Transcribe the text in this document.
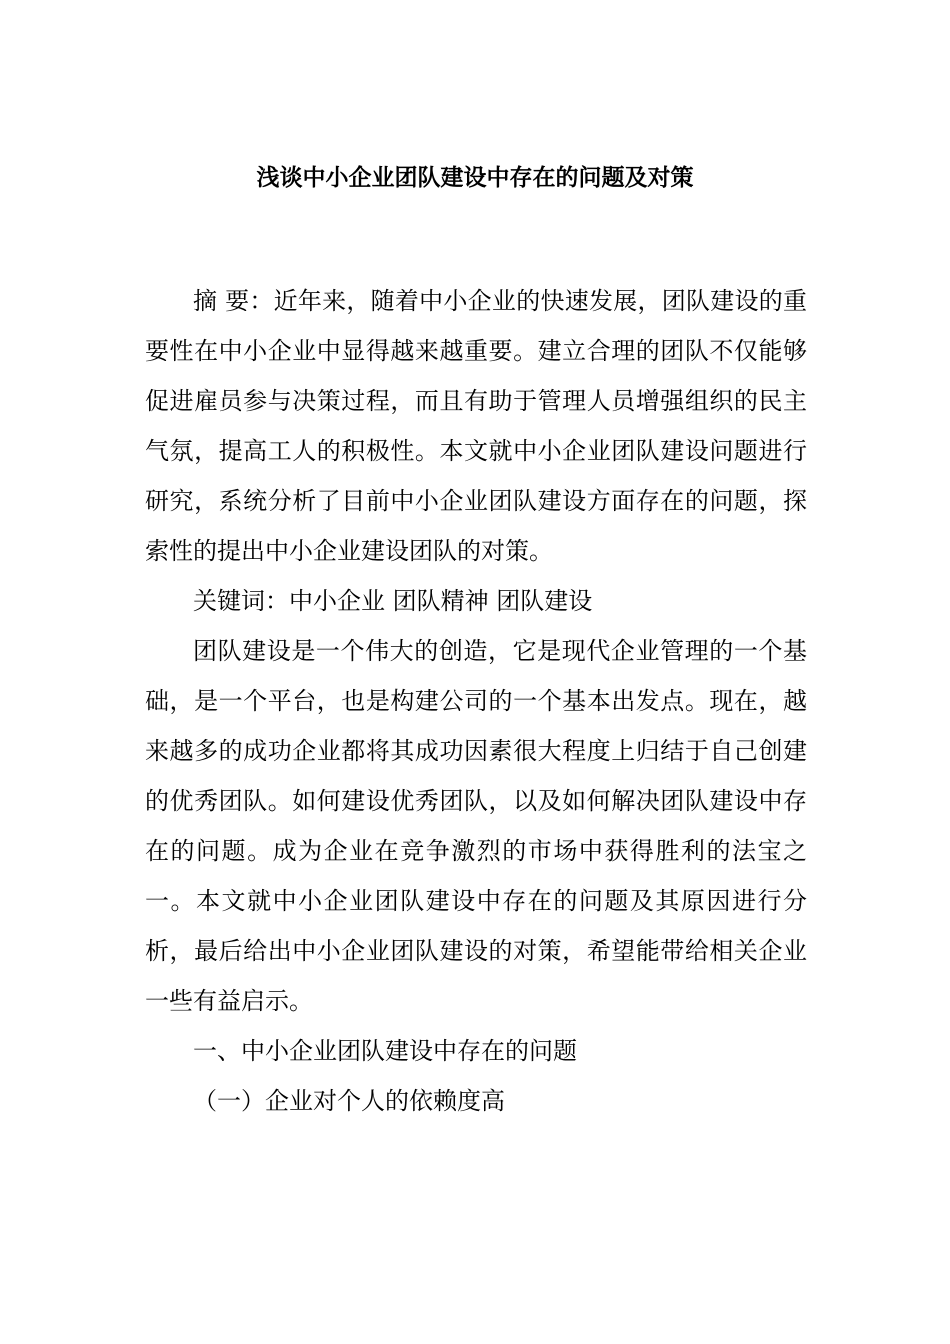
浅谈中小企业团队建设中存在的问题及对策

摘 要：近年来，随着中小企业的快速发展，团队建设的重要性在中小企业中显得越来越重要。建立合理的团队不仅能够促进雇员参与决策过程，而且有助于管理人员增强组织的民主气氛，提高工人的积极性。本文就中小企业团队建设问题进行研究，系统分析了目前中小企业团队建设方面存在的问题，探索性的提出中小企业建设团队的对策。

关键词：中小企业 团队精神 团队建设

团队建设是一个伟大的创造，它是现代企业管理的一个基础，是一个平台，也是构建公司的一个基本出发点。现在，越来越多的成功企业都将其成功因素很大程度上归结于自己创建的优秀团队。如何建设优秀团队，以及如何解决团队建设中存在的问题。成为企业在竞争激烈的市场中获得胜利的法宝之一。本文就中小企业团队建设中存在的问题及其原因进行分析，最后给出中小企业团队建设的对策，希望能带给相关企业一些有益启示。

一、中小企业团队建设中存在的问题

（一）企业对个人的依赖度高
